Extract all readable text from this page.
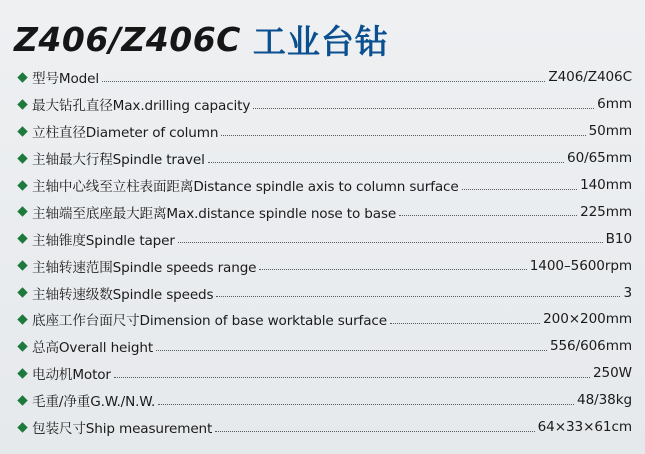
Z406/Z406C 工业台钻
型号Model	Z406/Z406C
最大钻孔直径Max.drilling capacity	6mm
立柱直径Diameter of column	50mm
主轴最大行程Spindle travel	60/65mm
主轴中心线至立柱表面距离Distance spindle axis to column surface	140mm
主轴端至底座最大距离Max.distance spindle nose to base	225mm
主轴锥度Spindle taper	B10
主轴转速范围Spindle speeds range	1400–5600rpm
主轴转速级数Spindle speeds	3
底座工作台面尺寸Dimension of base worktable surface	200×200mm
总高Overall height	556/606mm
电动机Motor	250W
毛重/净重G.W./N.W.	48/38kg
包装尺寸Ship measurement	64×33×61cm
